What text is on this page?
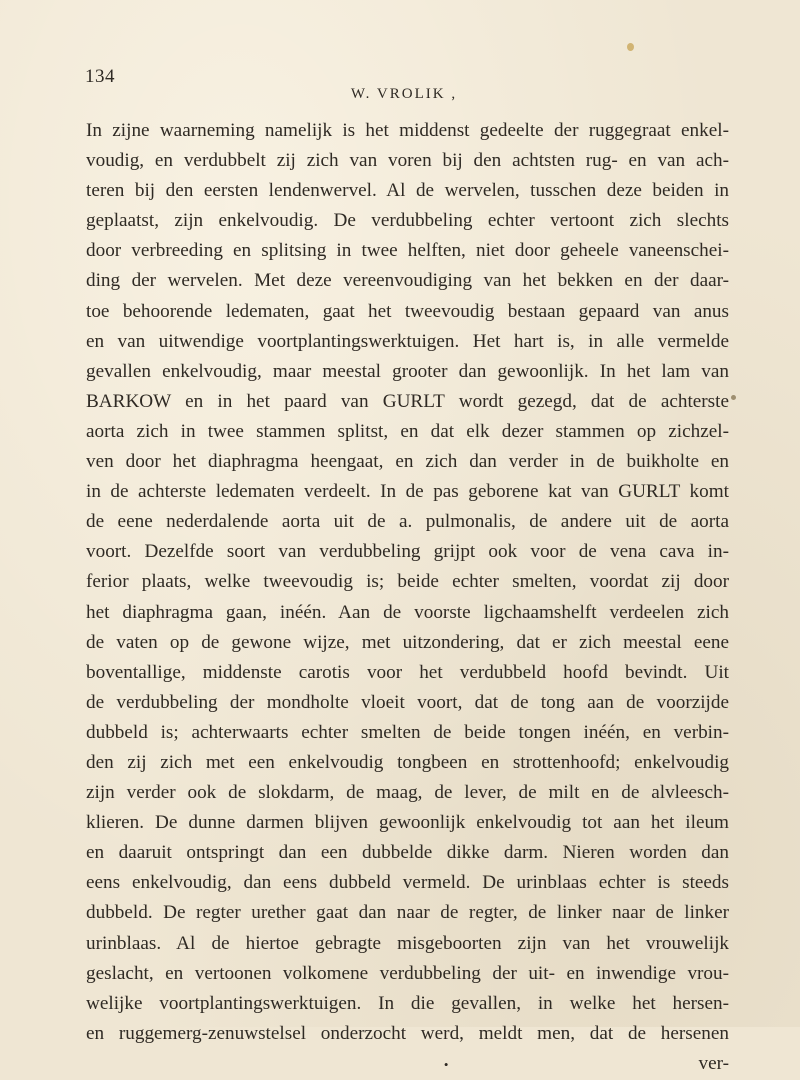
134
W. VROLIK ,
In zijne waarneming namelijk is het middenst gedeelte der ruggegraat enkel-
voudig, en verdubbelt zij zich van voren bij den achtsten rug- en van ach-
teren bij den eersten lendenwervel. Al de wervelen, tusschen deze beiden in
geplaatst, zijn enkelvoudig. De verdubbeling echter vertoont zich slechts
door verbreeding en splitsing in twee helften, niet door geheele vaneenschei-
ding der wervelen. Met deze vereenvoudiging van het bekken en der daar-
toe behoorende ledematen, gaat het tweevoudig bestaan gepaard van anus
en van uitwendige voortplantingswerktuigen. Het hart is, in alle vermelde
gevallen enkelvoudig, maar meestal grooter dan gewoonlijk. In het lam van
BARKOW en in het paard van GURLT wordt gezegd, dat de achterste
aorta zich in twee stammen splitst, en dat elk dezer stammen op zichzel-
ven door het diaphragma heengaat, en zich dan verder in de buikholte en
in de achterste ledematen verdeelt. In de pas geborene kat van GURLT komt
de eene nederdalende aorta uit de a. pulmonalis, de andere uit de aorta
voort. Dezelfde soort van verdubbeling grijpt ook voor de vena cava in-
ferior plaats, welke tweevoudig is; beide echter smelten, voordat zij door
het diaphragma gaan, inéén. Aan de voorste ligchaamshelft verdeelen zich
de vaten op de gewone wijze, met uitzondering, dat er zich meestal eene
boventallige, middenste carotis voor het verdubbeld hoofd bevindt. Uit
de verdubbeling der mondholte vloeit voort, dat de tong aan de voorzijde
dubbeld is; achterwaarts echter smelten de beide tongen inéén, en verbin-
den zij zich met een enkelvoudig tongbeen en strottenhoofd; enkelvoudig
zijn verder ook de slokdarm, de maag, de lever, de milt en de alvleesch-
klieren. De dunne darmen blijven gewoonlijk enkelvoudig tot aan het ileum
en daaruit ontspringt dan een dubbelde dikke darm. Nieren worden dan
eens enkelvoudig, dan eens dubbeld vermeld. De urinblaas echter is steeds
dubbeld. De regter urether gaat dan naar de regter, de linker naar de linker
urinblaas. Al de hiertoe gebragte misgeboorten zijn van het vrouwelijk
geslacht, en vertoonen volkomene verdubbeling der uit- en inwendige vrou-
welijke voortplantingswerktuigen. In die gevallen, in welke het hersen-
en ruggemerg-zenuwstelsel onderzocht werd, meldt men, dat de hersenen
•	ver-
